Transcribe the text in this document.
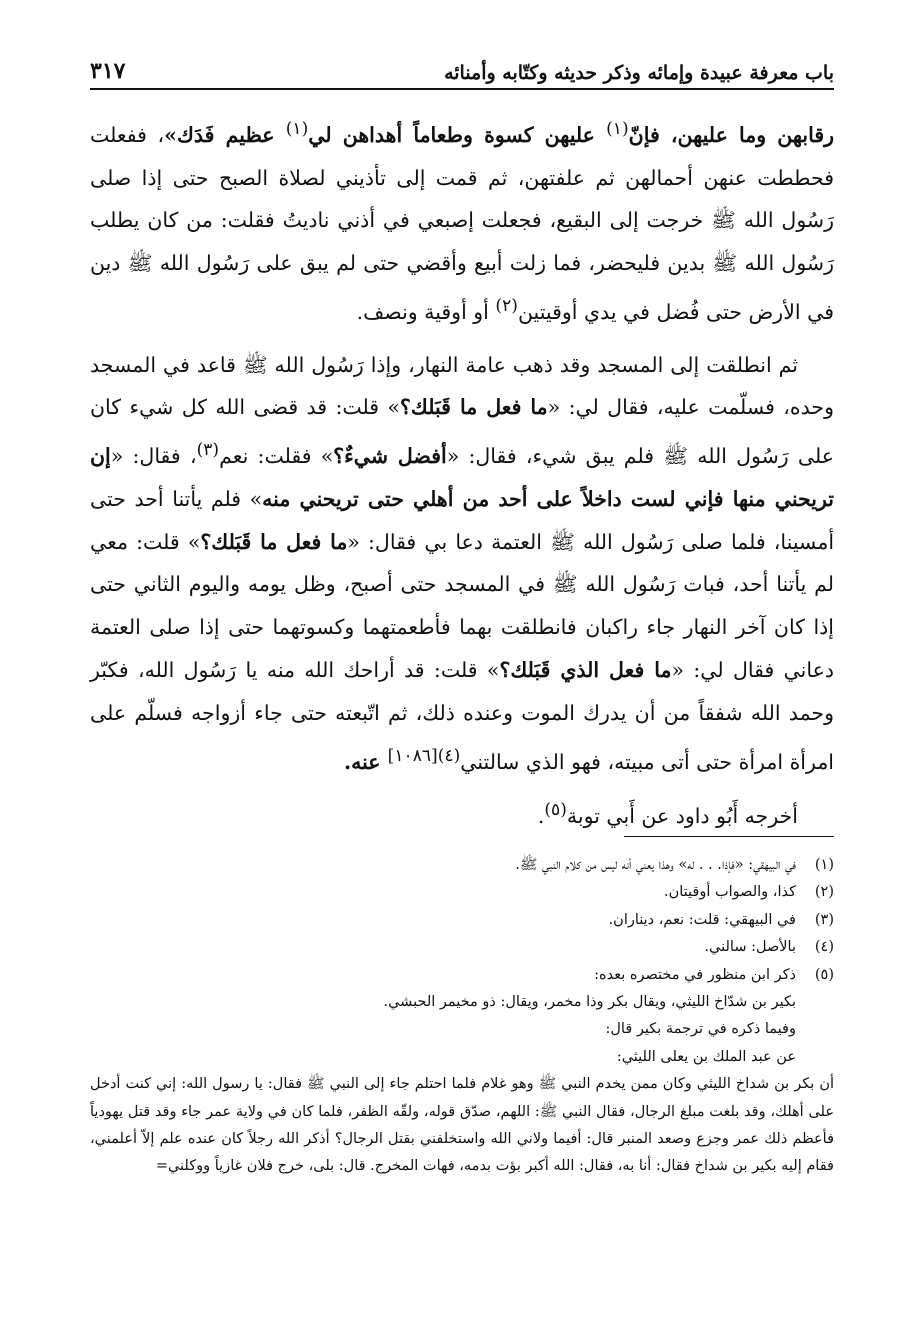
باب معرفة عبيدة وإمائه وذكر حديثه وكتّابه وأمنائه
٣١٧

رقابهن وما عليهن، فإنّ$^{(١)}$ عليهن كسوة وطعاماً أهداهن لي$^{(١)}$ عظيم فَدَك»، ففعلت فحططت عنهن أحمالهن ثم علفتهن، ثم قمت إلى تأذيني لصلاة الصبح حتى إذا صلى رَسُول الله ﷺ خرجت إلى البقيع، فجعلت إصبعي في أذني ناديتُ فقلت: من كان يطلب رَسُول الله ﷺ بدين فليحضر، فما زلت أبيع وأقضي حتى لم يبق على رَسُول الله ﷺ دين في الأرض حتى فُضل في يدي أوقيتين$^{(٢)}$ أو أوقية ونصف.

ثم انطلقت إلى المسجد وقد ذهب عامة النهار، وإذا رَسُول الله ﷺ قاعد في المسجد وحده، فسلّمت عليه، فقال لي: «ما فعل ما قَبَلك؟» قلت: قد قضى الله كل شيء كان على رَسُول الله ﷺ فلم يبق شيء، فقال: «أفضل شيءٌ؟» فقلت: نعم$^{(٣)}$، فقال: «إن تريحني منها فإني لست داخلاً على أحد من أهلي حتى تريحني منه» فلم يأتنا أحد حتى أمسينا، فلما صلى رَسُول الله ﷺ العتمة دعا بي فقال: «ما فعل ما قَبَلك؟» قلت: معي لم يأتنا أحد، فبات رَسُول الله ﷺ في المسجد حتى أصبح، وظل يومه واليوم الثاني حتى إذا كان آخر النهار جاء راكبان فانطلقت بهما فأطعمتهما وكسوتهما حتى إذا صلى العتمة دعاني فقال لي: «ما فعل الذي قَبَلك؟» قلت: قد أراحك الله منه يا رَسُول الله، فكبّر وحمد الله شفقاً من أن يدرك الموت وعنده ذلك، ثم اتّبعته حتى جاء أزواجه فسلّم على امرأة امرأة حتى أتى مبيته، فهو الذي سالتني$^{(٤)[١٠٨٦]}$ عنه.

أخرجه أَبُو داود عن أَبي توبة$^{(٥)}$.

(١)
في البيهقي: «فإذا. . . له» وهذا يعني أنه ليس من كلام النبي ﷺ.
(٢)
كذا، والصواب أوقيتان.
(٣)
في البيهقي: قلت: نعم، ديناران.
(٤)
بالأصل: سالني.
(٥)
ذكر ابن منظور في مختصره بعده:
بكير بن شدّاخ الليثي، ويقال بكر وذا مخمر، ويقال: ذو مخيمر الحبشي.
وفيما ذكره في ترجمة بكير قال:
عن عبد الملك بن يعلى الليثي:
أن بكر بن شداخ الليثي وكان ممن يخدم النبي ﷺ وهو غلام فلما احتلم جاء إلى النبي ﷺ فقال: يا رسول الله: إني كنت أدخل على أهلك، وقد بلغت مبلغ الرجال، فقال النبي ﷺ: اللهم، صدّق قوله، ولقّه الظفر، فلما كان في ولاية عمر جاء وقد قتل يهودياً فأعظم ذلك عمر وجزع وصعد المنبر قال: أفيما ولاني الله واستخلفني بقتل الرجال؟ أذكر الله رجلاً كان عنده علم إلاّ أعلمني، فقام إليه بكير بن شداخ فقال: أنا به، فقال: الله أكبر بؤت بدمه، فهات المخرج. قال: بلى، خرج فلان غازياً ووكلني=
